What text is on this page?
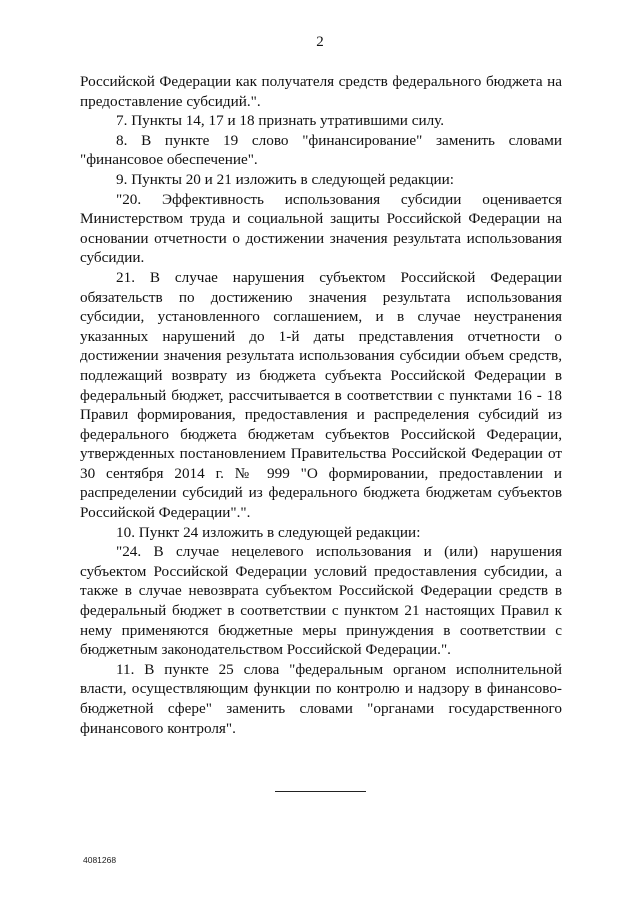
2

Российской Федерации как получателя средств федерального бюджета на предоставление субсидий.".

7. Пункты 14, 17 и 18 признать утратившими силу.

8. В пункте 19 слово "финансирование" заменить словами "финансовое обеспечение".

9. Пункты 20 и 21 изложить в следующей редакции:

"20. Эффективность использования субсидии оценивается Министерством труда и социальной защиты Российской Федерации на основании отчетности о достижении значения результата использования субсидии.

21. В случае нарушения субъектом Российской Федерации обязательств по достижению значения результата использования субсидии, установленного соглашением, и в случае неустранения указанных нарушений до 1-й даты представления отчетности о достижении значения результата использования субсидии объем средств, подлежащий возврату из бюджета субъекта Российской Федерации в федеральный бюджет, рассчитывается в соответствии с пунктами 16 - 18 Правил формирования, предоставления и распределения субсидий из федерального бюджета бюджетам субъектов Российской Федерации, утвержденных постановлением Правительства Российской Федерации от 30 сентября 2014 г. № 999 "О формировании, предоставлении и распределении субсидий из федерального бюджета бюджетам субъектов Российской Федерации".".

10. Пункт 24 изложить в следующей редакции:

"24. В случае нецелевого использования и (или) нарушения субъектом Российской Федерации условий предоставления субсидии, а также в случае невозврата субъектом Российской Федерации средств в федеральный бюджет в соответствии с пунктом 21 настоящих Правил к нему применяются бюджетные меры принуждения в соответствии с бюджетным законодательством Российской Федерации.".

11. В пункте 25 слова "федеральным органом исполнительной власти, осуществляющим функции по контролю и надзору в финансово-бюджетной сфере" заменить словами "органами государственного финансового контроля".

4081268
